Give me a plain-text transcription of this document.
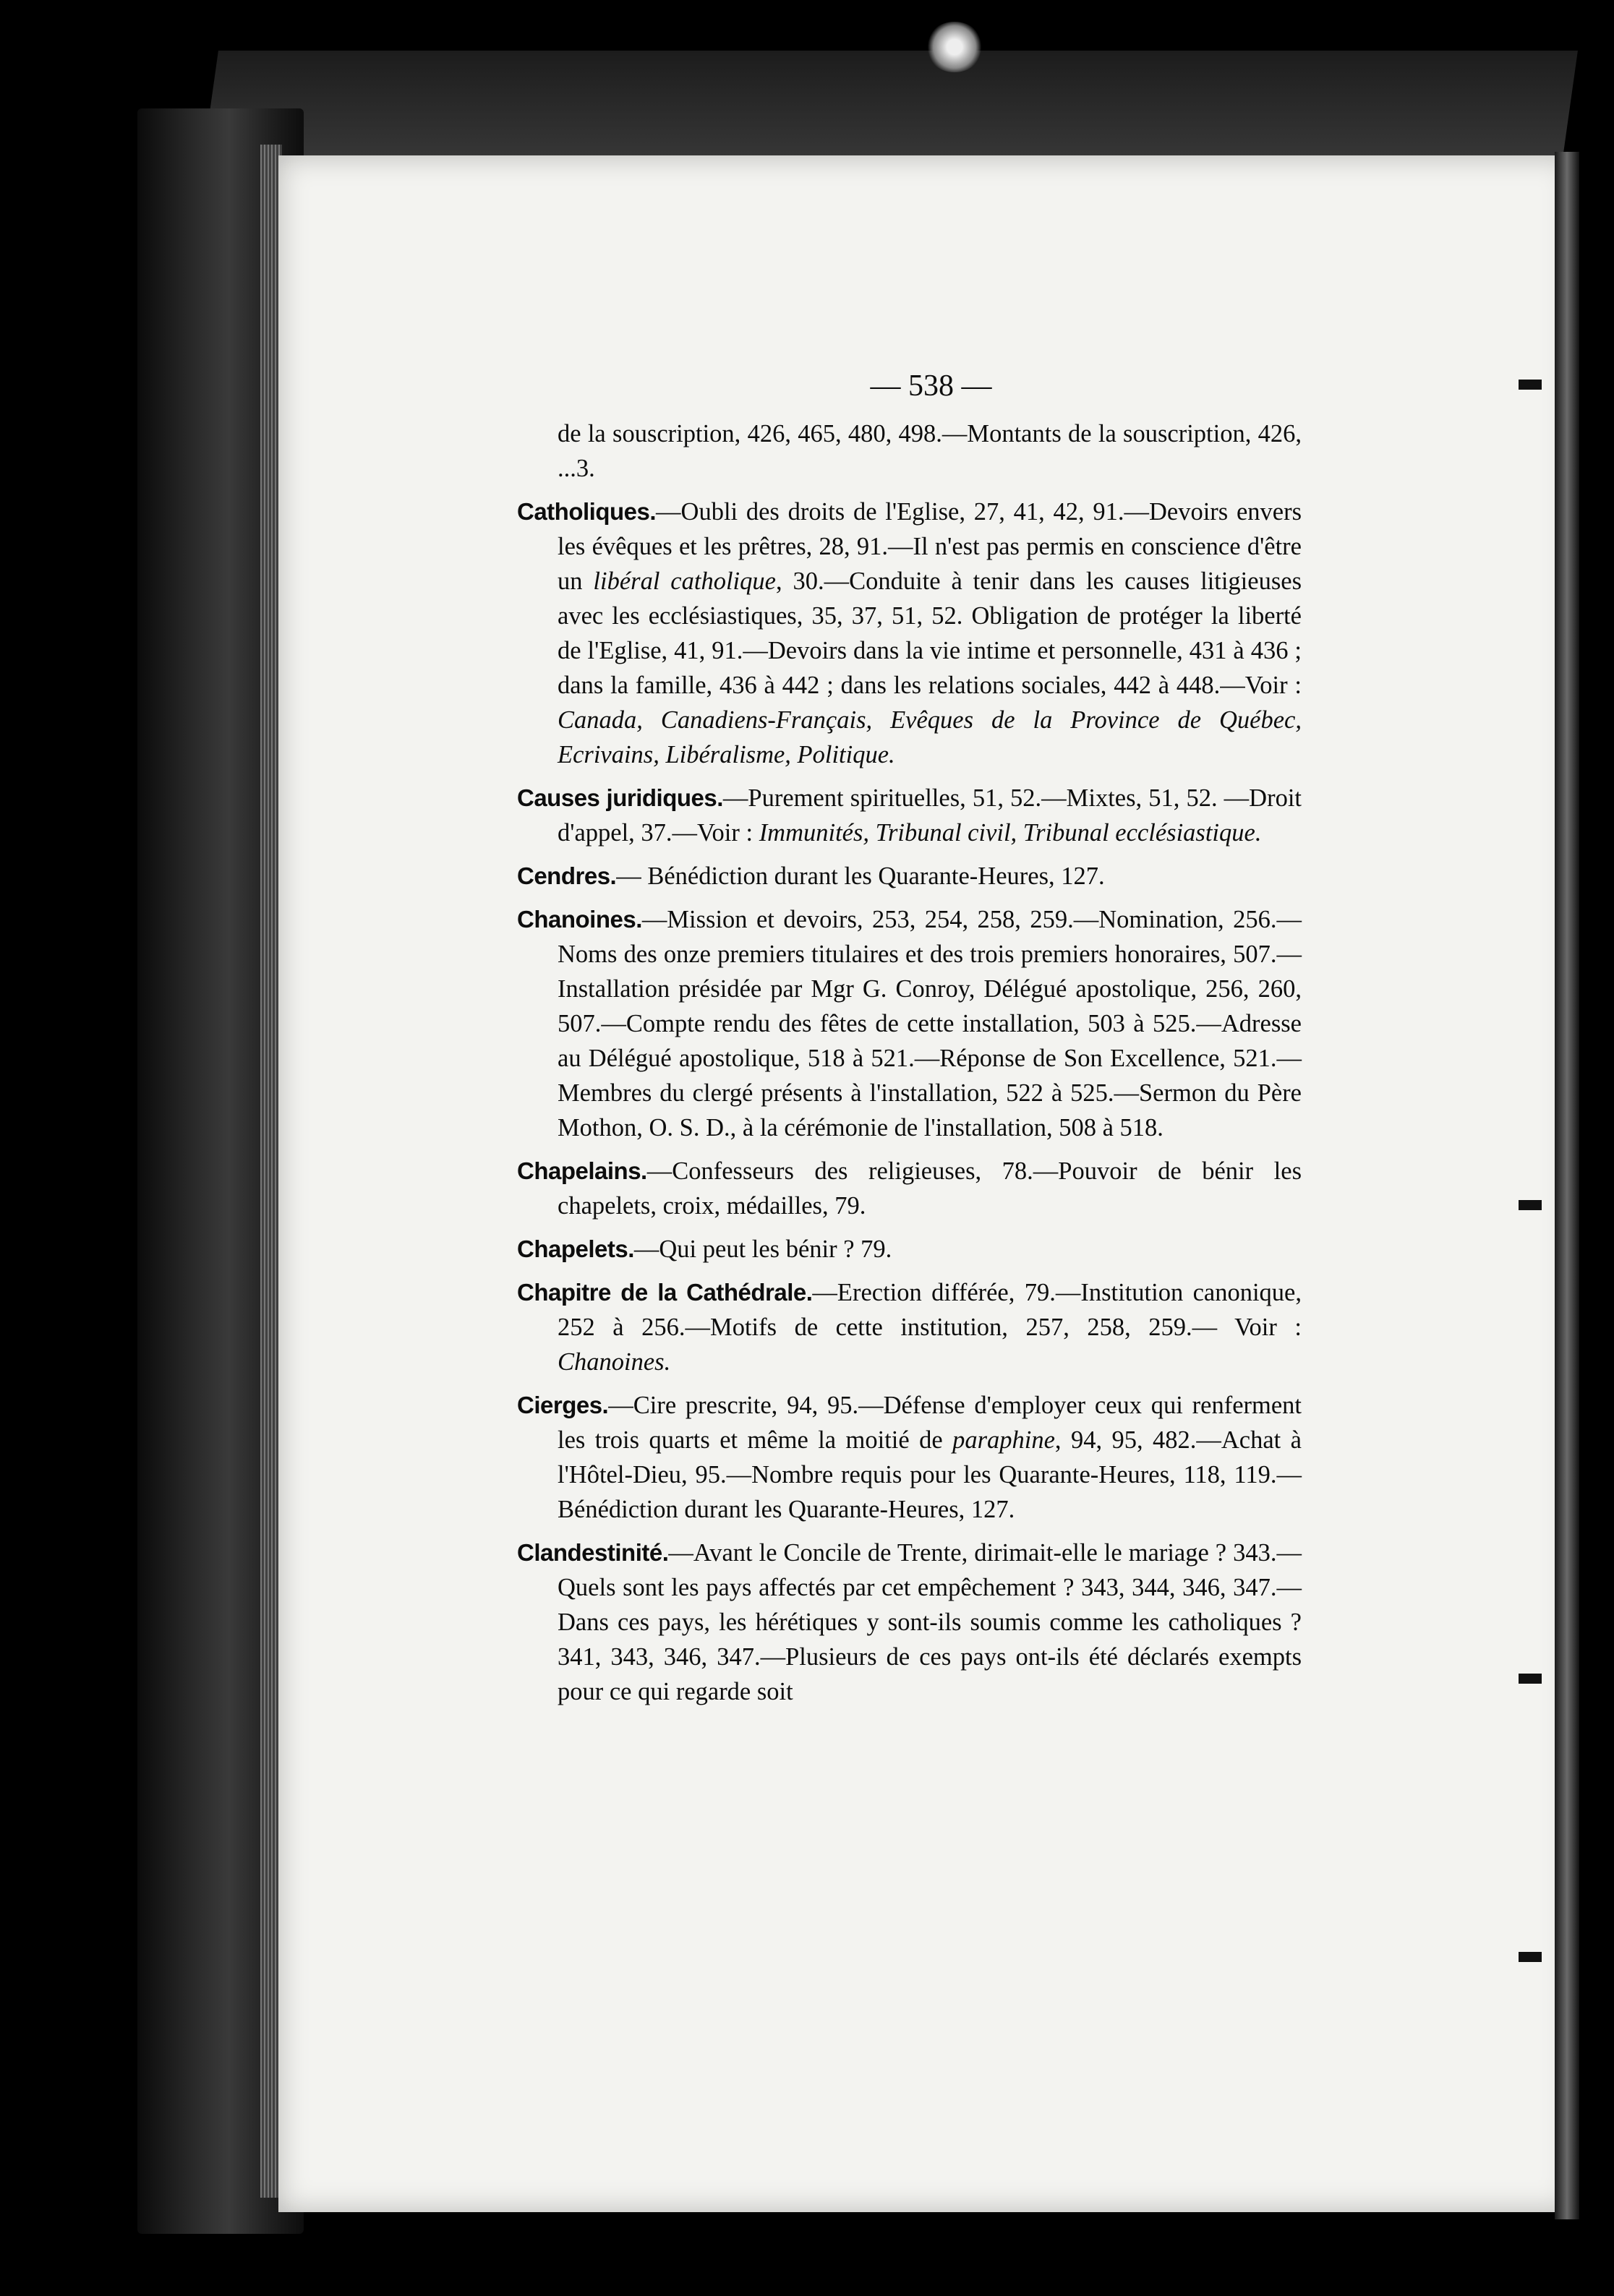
— 538 —
de la souscription, 426, 465, 480, 498.—Montants de la souscription, 426, ...3.
Catholiques.—Oubli des droits de l'Eglise, 27, 41, 42, 91.—Devoirs envers les évêques et les prêtres, 28, 91.—Il n'est pas permis en conscience d'être un libéral catholique, 30.—Conduite à tenir dans les causes litigieuses avec les ecclésiastiques, 35, 37, 51, 52. Obligation de protéger la liberté de l'Eglise, 41, 91.—Devoirs dans la vie intime et personnelle, 431 à 436 ; dans la famille, 436 à 442 ; dans les relations sociales, 442 à 448.—Voir : Canada, Canadiens-Français, Evêques de la Province de Québec, Ecrivains, Libéralisme, Politique.
Causes juridiques.—Purement spirituelles, 51, 52.—Mixtes, 51, 52. —Droit d'appel, 37.—Voir : Immunités, Tribunal civil, Tribunal ecclésiastique.
Cendres.— Bénédiction durant les Quarante-Heures, 127.
Chanoines.—Mission et devoirs, 253, 254, 258, 259.—Nomination, 256.—Noms des onze premiers titulaires et des trois premiers honoraires, 507.—Installation présidée par Mgr G. Conroy, Délégué apostolique, 256, 260, 507.—Compte rendu des fêtes de cette installation, 503 à 525.—Adresse au Délégué apostolique, 518 à 521.—Réponse de Son Excellence, 521.—Membres du clergé présents à l'installation, 522 à 525.—Sermon du Père Mothon, O. S. D., à la cérémonie de l'installation, 508 à 518.
Chapelains.—Confesseurs des religieuses, 78.—Pouvoir de bénir les chapelets, croix, médailles, 79.
Chapelets.—Qui peut les bénir ? 79.
Chapitre de la Cathédrale.—Erection différée, 79.—Institution canonique, 252 à 256.—Motifs de cette institution, 257, 258, 259.— Voir : Chanoines.
Cierges.—Cire prescrite, 94, 95.—Défense d'employer ceux qui renferment les trois quarts et même la moitié de paraphine, 94, 95, 482.—Achat à l'Hôtel-Dieu, 95.—Nombre requis pour les Quarante-Heures, 118, 119.—Bénédiction durant les Quarante-Heures, 127.
Clandestinité.—Avant le Concile de Trente, dirimait-elle le mariage ? 343.—Quels sont les pays affectés par cet empêchement ? 343, 344, 346, 347.—Dans ces pays, les hérétiques y sont-ils soumis comme les catholiques ? 341, 343, 346, 347.—Plusieurs de ces pays ont-ils été déclarés exempts pour ce qui regarde soit
